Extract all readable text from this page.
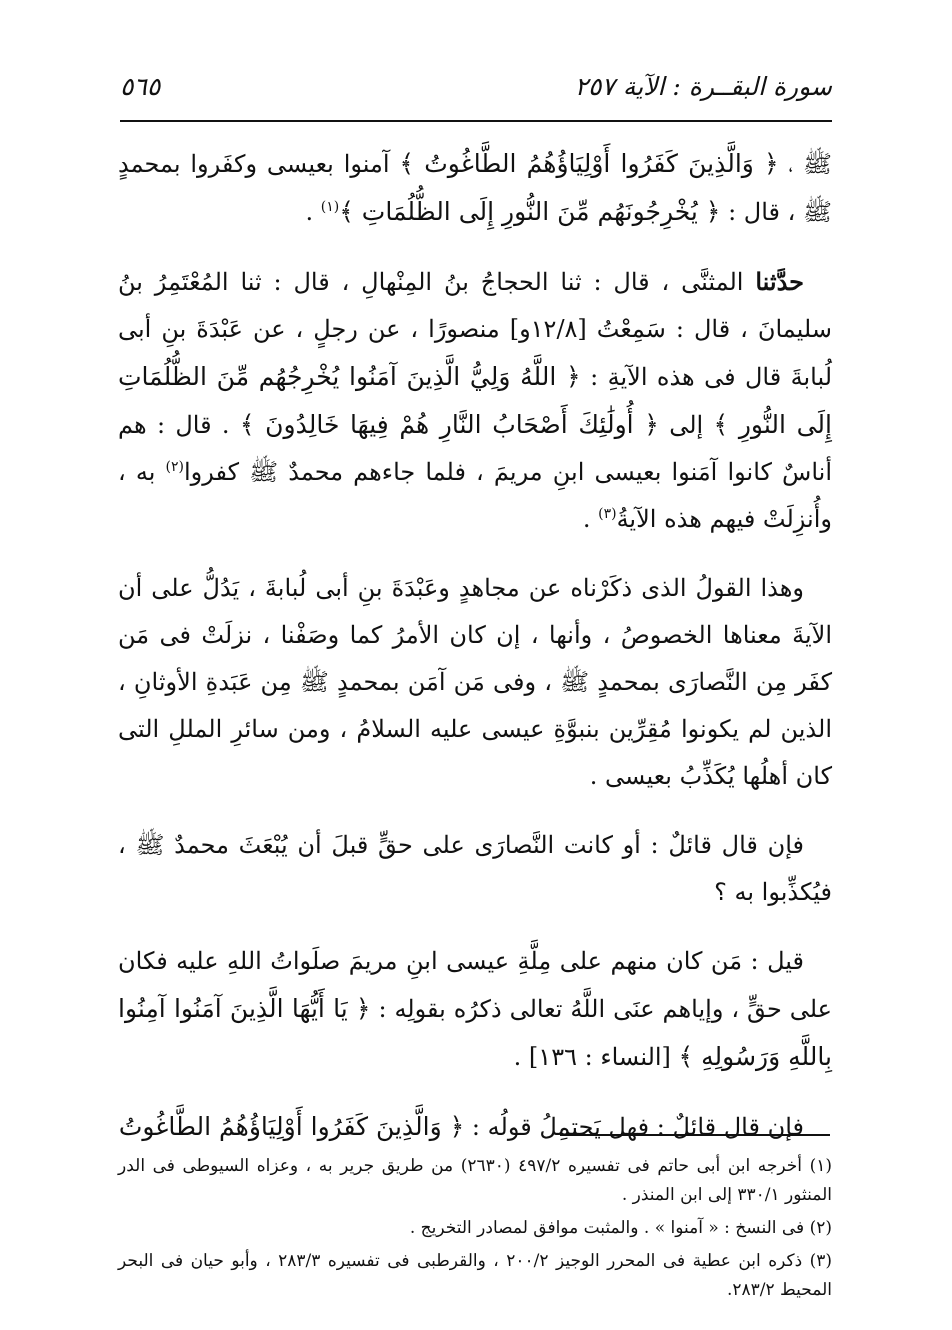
سورة البقــرة : الآية ٢٥٧
٥٦٥

ﷺ ، ﴿ وَالَّذِينَ كَفَرُوا أَوْلِيَاؤُهُمُ الطَّاغُوتُ ﴾ آمنوا بعيسى وكفَروا بمحمدٍ ﷺ ، قال : ﴿ يُخْرِجُونَهُم مِّنَ النُّورِ إِلَى الظُّلُمَاتِ ﴾$^{(١)}$ .

حدَّثنا المثنَّى ، قال : ثنا الحجاجُ بنُ المِنْهالِ ، قال : ثنا المُعْتَمِرُ بنُ سليمانَ ، قال : سَمِعْتُ [١٢/٨و] منصورًا ، عن رجلٍ ، عن عَبْدَةَ بنِ أبى لُبابةَ قال فى هذه الآيةِ : ﴿ اللَّهُ وَلِيُّ الَّذِينَ آمَنُوا يُخْرِجُهُم مِّنَ الظُّلُمَاتِ إِلَى النُّورِ ﴾ إلى ﴿ أُولَٰئِكَ أَصْحَابُ النَّارِ هُمْ فِيهَا خَالِدُونَ ﴾ . قال : هم أناسٌ كانوا آمَنوا بعيسى ابنِ مريمَ ، فلما جاءهم محمدٌ ﷺ كفروا$^{(٢)}$ به ، وأُنزِلَتْ فيهم هذه الآيةُ$^{(٣)}$ .

وهذا القولُ الذى ذكَرْناه عن مجاهدٍ وعَبْدَةَ بنِ أبى لُبابةَ ، يَدُلُّ على أن الآيةَ معناها الخصوصُ ، وأنها ، إن كان الأمرُ كما وصَفْنا ، نزلَتْ فى مَن كفَر مِن النَّصارَى بمحمدٍ ﷺ ، وفى مَن آمَن بمحمدٍ ﷺ مِن عَبَدةِ الأوثانِ ، الذين لم يكونوا مُقِرِّين بنبوَّةِ عيسى عليه السلامُ ، ومن سائرِ المللِ التى كان أهلُها يُكَذِّبُ بعيسى .

فإن قال قائلٌ : أو كانت النَّصارَى على حقٍّ قبلَ أن يُبْعَثَ محمدٌ ﷺ ، فيُكذِّبوا به ؟

قيل : مَن كان منهم على مِلَّةِ عيسى ابنِ مريمَ صلَواتُ اللهِ عليه فكان على حقٍّ ، وإياهم عنَى اللَّهُ تعالى ذكرُه بقولِه : ﴿ يَا أَيُّهَا الَّذِينَ آمَنُوا آمِنُوا بِاللَّهِ وَرَسُولِهِ ﴾ [النساء : ١٣٦] .

فإن قال قائلٌ : فهل يَحتمِلُ قولُه : ﴿ وَالَّذِينَ كَفَرُوا أَوْلِيَاؤُهُمُ الطَّاغُوتُ

(١) أخرجه ابن أبى حاتم فى تفسيره ٤٩٧/٢ (٢٦٣٠) من طريق جرير به ، وعزاه السيوطى فى الدر المنثور ٣٣٠/١ إلى ابن المنذر .

(٢) فى النسخ : « آمنوا » . والمثبت موافق لمصادر التخريج .

(٣) ذكره ابن عطية فى المحرر الوجيز ٢٠٠/٢ ، والقرطبى فى تفسيره ٢٨٣/٣ ، وأبو حيان فى البحر المحيط ٢٨٣/٢.
